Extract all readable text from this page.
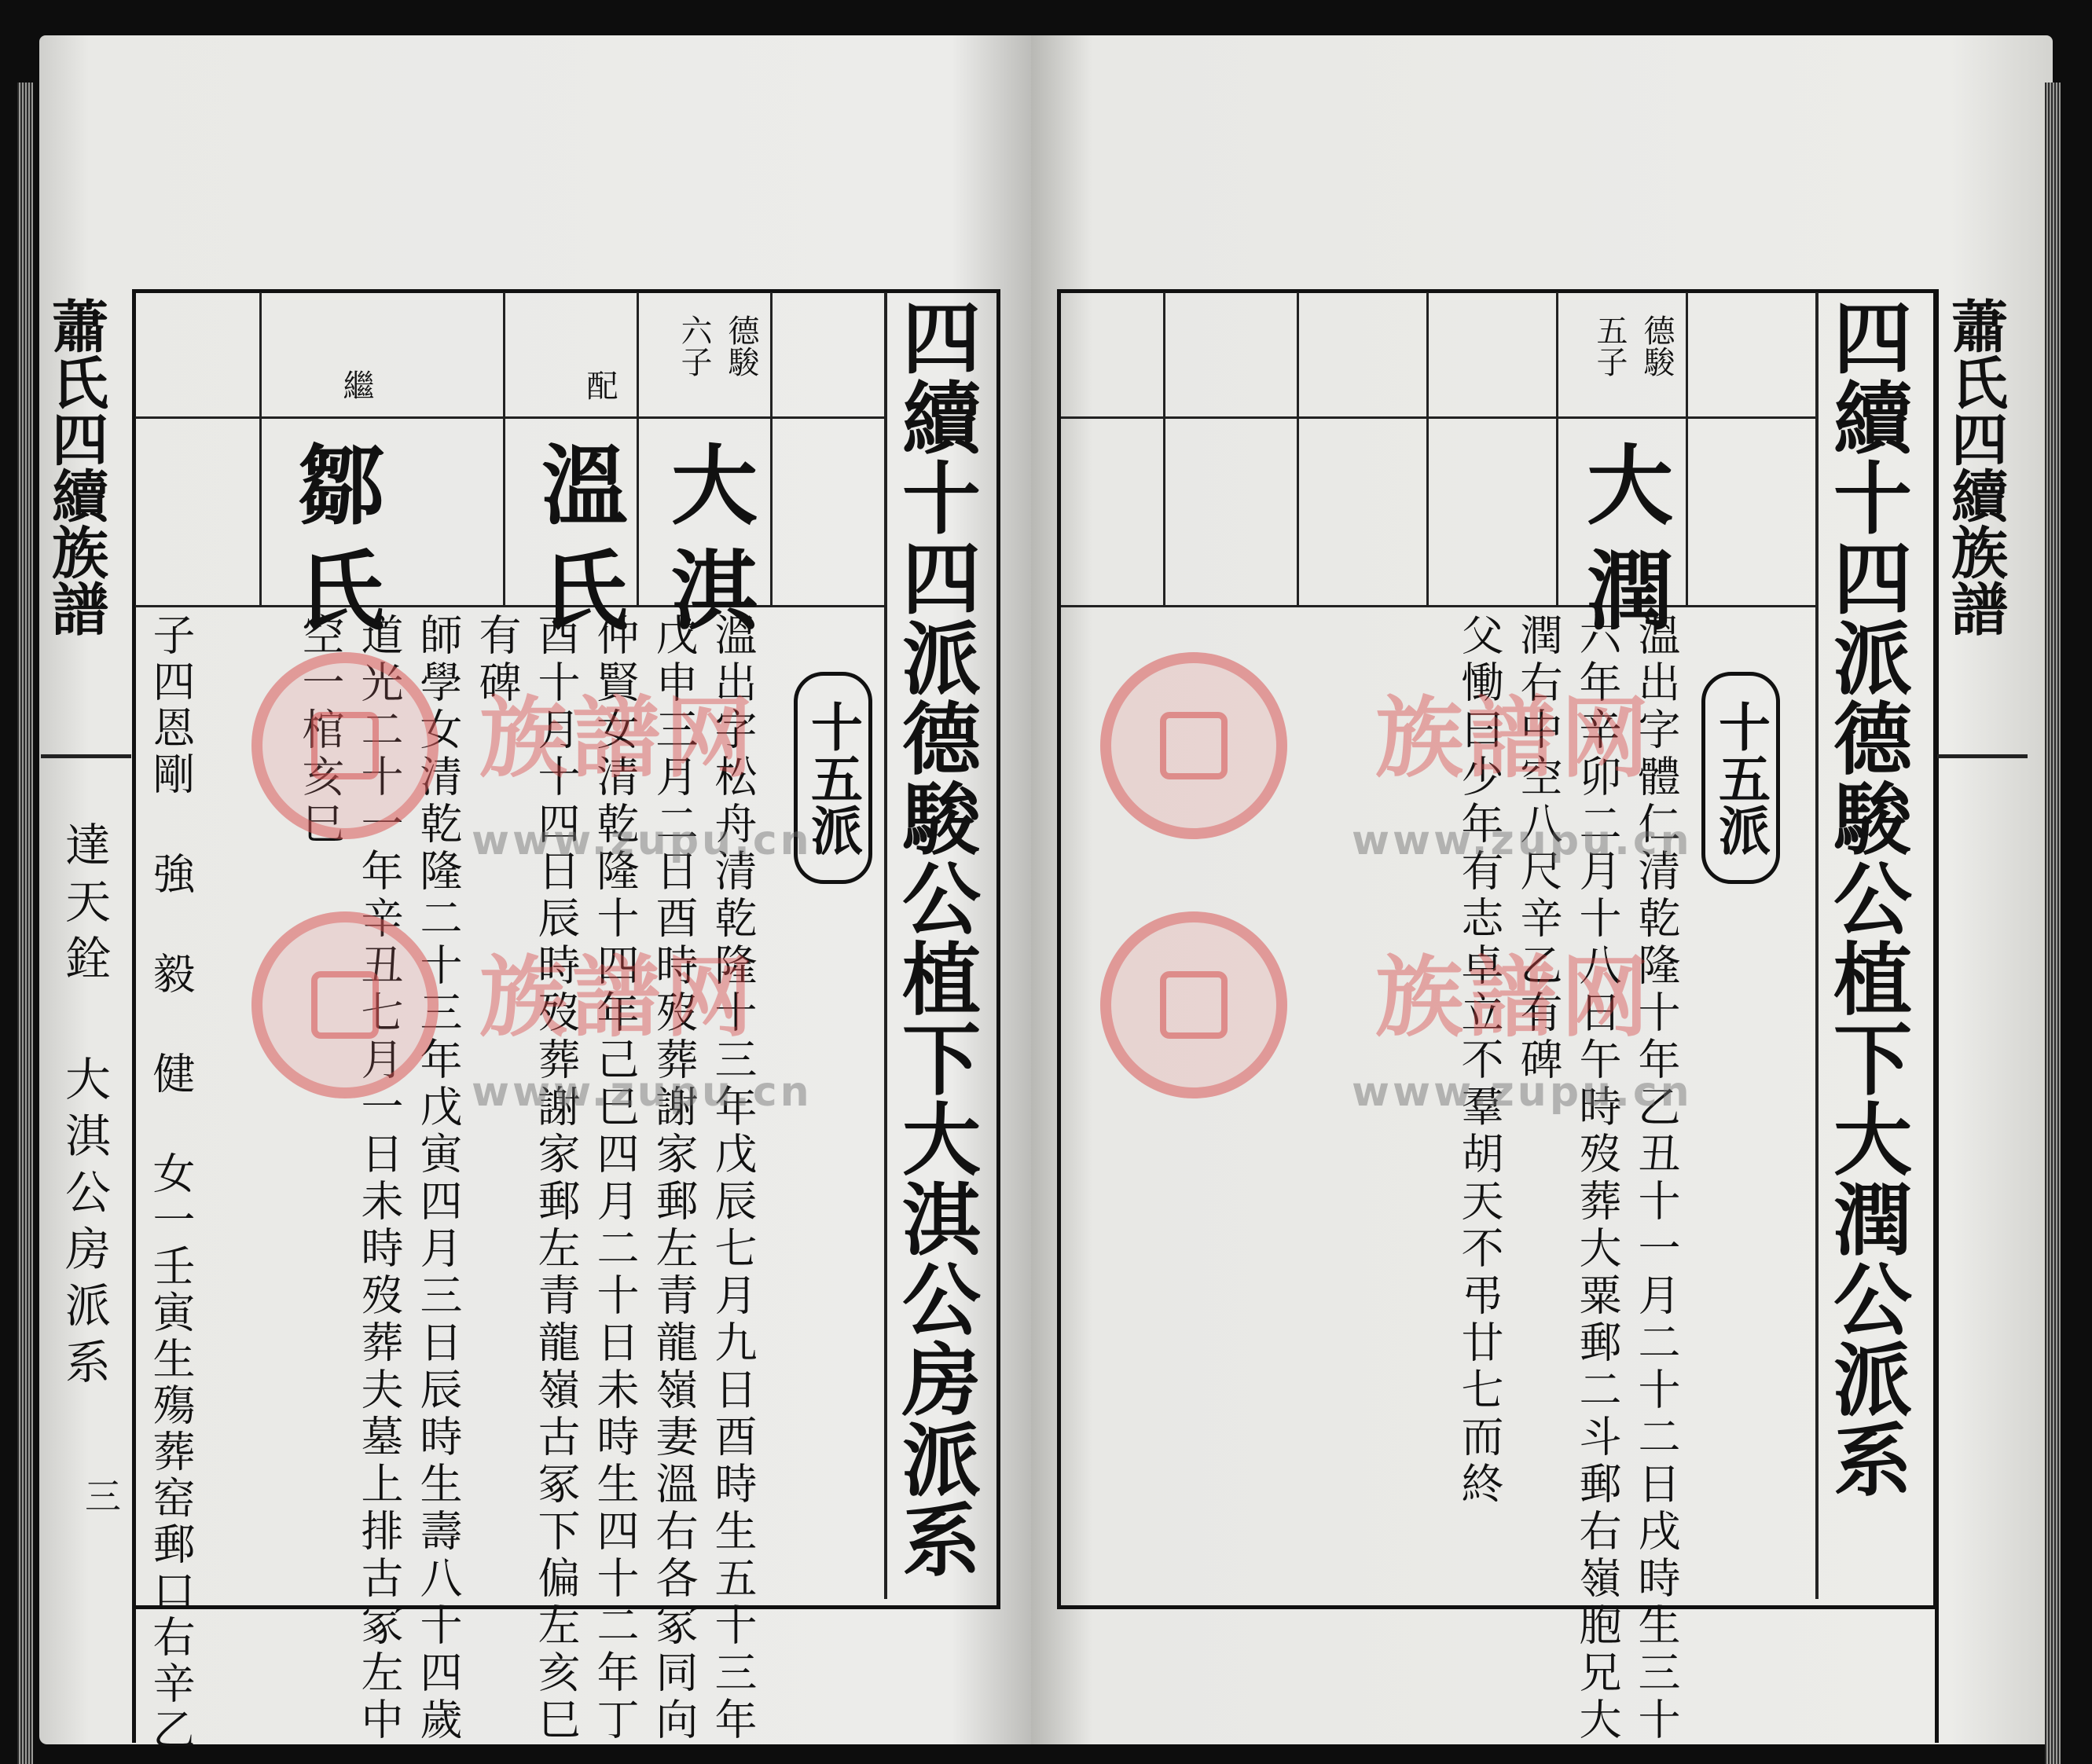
蕭氏四續族譜
達天銓 大淇公房派系
三	四續十四派德駿公植下大淇公房派系
德駿
六子
大淇
配
溫氏
繼
鄒氏
十五派
溫出字松舟清乾隆十三年戊辰七月九日酉時生五十三年
戊申三月二日酉時歿葬謝家郵左青龍嶺妻溫右各冢同向
仲賢女清乾隆十四年己巳四月二十日未時生四十二年丁
酉十月十四日辰時歿葬謝家郵左青龍嶺古冢下偏左亥巳
有碑
師學女清乾隆二十三年戊寅四月三日辰時生壽八十四歲
道光二十一年辛丑七月一日未時歿葬夫墓上排古冢左中
空一棺亥巳
子四恩剛 強 毅 健 女一壬寅生殤葬窑郵口右辛乙
蕭氏四續族譜
四續十四派德駿公植下大潤公派系
德駿
五子
大潤

十五派
溫出字體仁清乾隆十年乙丑十一月二十二日戌時生三十
六年辛卯二月十八日午時歿葬大粟郵二斗郵右嶺胞兄大
潤右中空八尺辛乙有碑
父慟曰少年有志卓立不羣胡天不弔廿七而終
族譜网
族譜网
族譜网
族譜网
www.zupu.cn
www.zupu.cn
www.zupu.cn
www.zupu.cn
